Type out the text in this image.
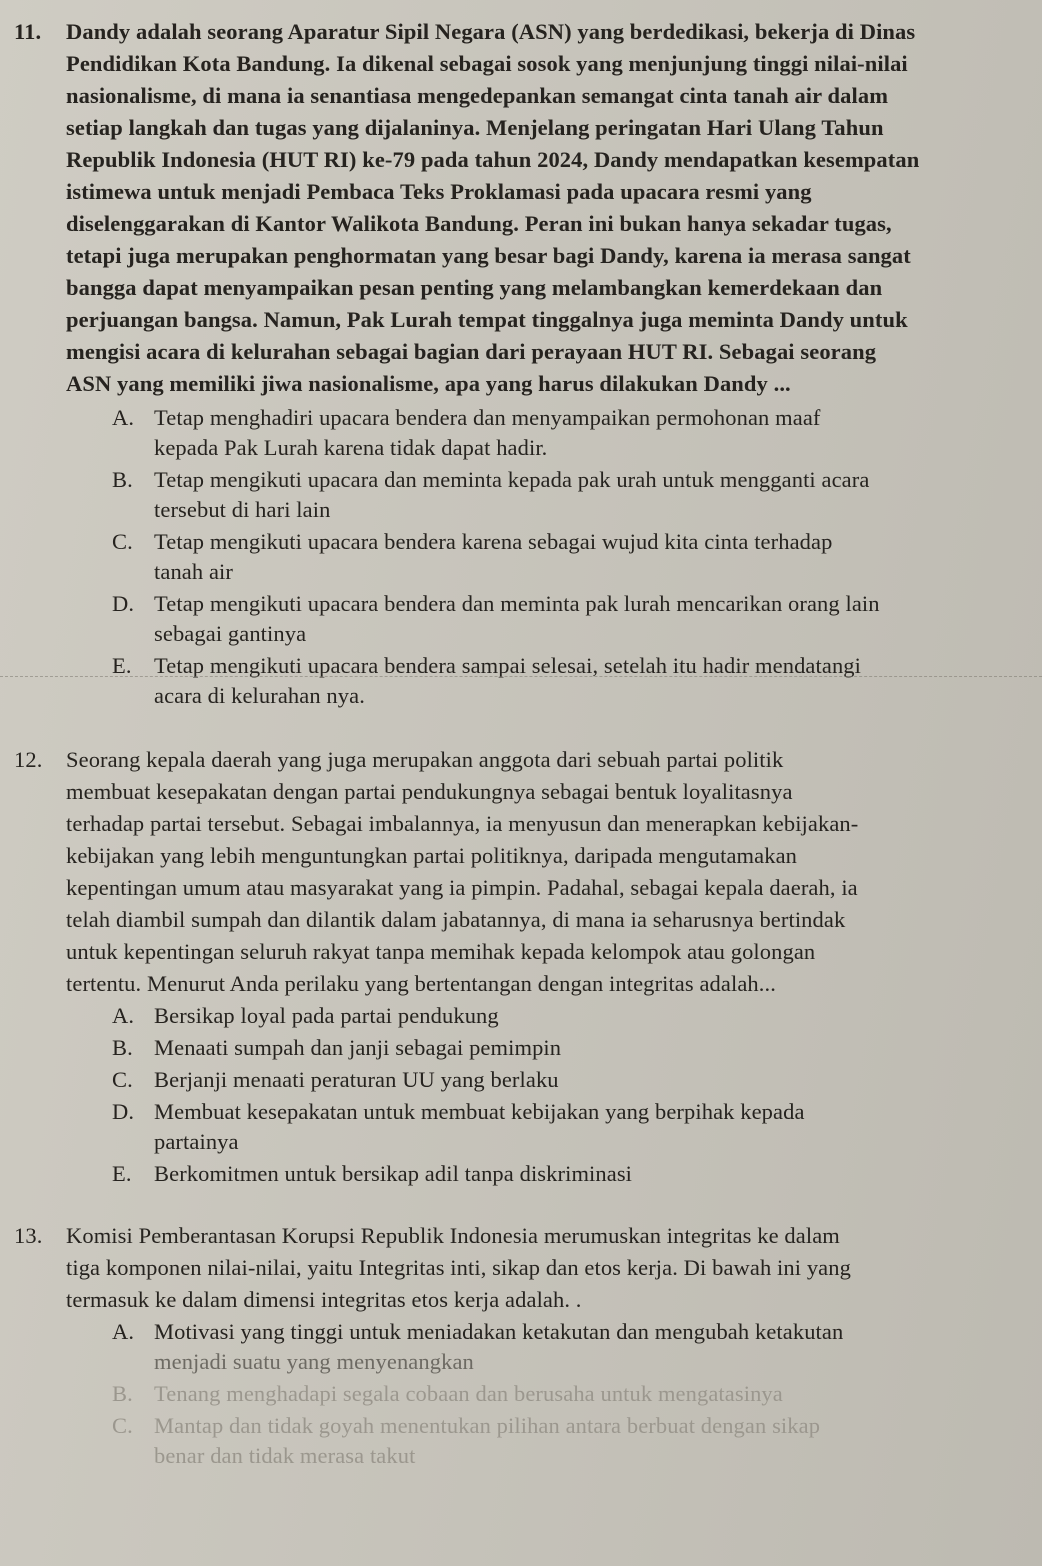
11. Dandy adalah seorang Aparatur Sipil Negara (ASN) yang berdedikasi, bekerja di Dinas
Pendidikan Kota Bandung. Ia dikenal sebagai sosok yang menjunjung tinggi nilai-nilai
nasionalisme, di mana ia senantiasa mengedepankan semangat cinta tanah air dalam
setiap langkah dan tugas yang dijalaninya. Menjelang peringatan Hari Ulang Tahun
Republik Indonesia (HUT RI) ke-79 pada tahun 2024, Dandy mendapatkan kesempatan
istimewa untuk menjadi Pembaca Teks Proklamasi pada upacara resmi yang
diselenggarakan di Kantor Walikota Bandung. Peran ini bukan hanya sekadar tugas,
tetapi juga merupakan penghormatan yang besar bagi Dandy, karena ia merasa sangat
bangga dapat menyampaikan pesan penting yang melambangkan kemerdekaan dan
perjuangan bangsa. Namun, Pak Lurah tempat tinggalnya juga meminta Dandy untuk
mengisi acara di kelurahan sebagai bagian dari perayaan HUT RI. Sebagai seorang
ASN yang memiliki jiwa nasionalisme, apa yang harus dilakukan Dandy ...
A. Tetap menghadiri upacara bendera dan menyampaikan permohonan maaf
kepada Pak Lurah karena tidak dapat hadir.
B. Tetap mengikuti upacara dan meminta kepada pak urah untuk mengganti acara
tersebut di hari lain
C. Tetap mengikuti upacara bendera karena sebagai wujud kita cinta terhadap
tanah air
D. Tetap mengikuti upacara bendera dan meminta pak lurah mencarikan orang lain
sebagai gantinya
E. Tetap mengikuti upacara bendera sampai selesai, setelah itu hadir mendatangi
acara di kelurahan nya.
12. Seorang kepala daerah yang juga merupakan anggota dari sebuah partai politik
membuat kesepakatan dengan partai pendukungnya sebagai bentuk loyalitasnya
terhadap partai tersebut. Sebagai imbalannya, ia menyusun dan menerapkan kebijakan-
kebijakan yang lebih menguntungkan partai politiknya, daripada mengutamakan
kepentingan umum atau masyarakat yang ia pimpin. Padahal, sebagai kepala daerah, ia
telah diambil sumpah dan dilantik dalam jabatannya, di mana ia seharusnya bertindak
untuk kepentingan seluruh rakyat tanpa memihak kepada kelompok atau golongan
tertentu. Menurut Anda perilaku yang bertentangan dengan integritas adalah...
A. Bersikap loyal pada partai pendukung
B. Menaati sumpah dan janji sebagai pemimpin
C. Berjanji menaati peraturan UU yang berlaku
D. Membuat kesepakatan untuk membuat kebijakan yang berpihak kepada
partainya
E. Berkomitmen untuk bersikap adil tanpa diskriminasi
13. Komisi Pemberantasan Korupsi Republik Indonesia merumuskan integritas ke dalam
tiga komponen nilai-nilai, yaitu Integritas inti, sikap dan etos kerja. Di bawah ini yang
termasuk ke dalam dimensi integritas etos kerja adalah. .
A. Motivasi yang tinggi untuk meniadakan ketakutan dan mengubah ketakutan
menjadi suatu yang menyenangkan
B. Tenang menghadapi segala cobaan dan berusaha untuk mengatasinya
C. Mantap dan tidak goyah menentukan pilihan antara berbuat dengan sikap
benar dan tidak merasa takut
